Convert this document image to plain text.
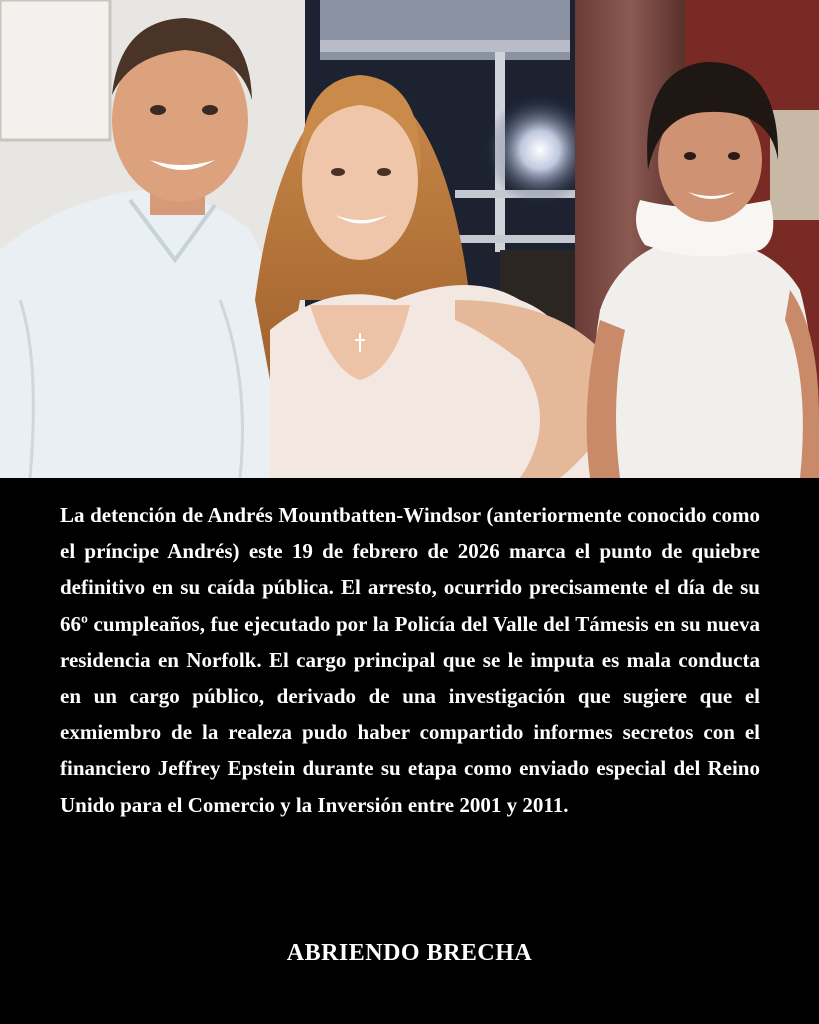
La detención de Andrés Mountbatten-Windsor (anteriormente conocido como el príncipe Andrés) este 19 de febrero de 2026 marca el punto de quiebre definitivo en su caída pública. El arresto, ocurrido precisamente el día de su 66º cumpleaños, fue ejecutado por la Policía del Valle del Támesis en su nueva residencia en Norfolk. El cargo principal que se le imputa es mala conducta en un cargo público, derivado de una investigación que sugiere que el exmiembro de la realeza pudo haber compartido informes secretos con el financiero Jeffrey Epstein durante su etapa como enviado especial del Reino Unido para el Comercio y la Inversión entre 2001 y 2011.

ABRIENDO BRECHA
